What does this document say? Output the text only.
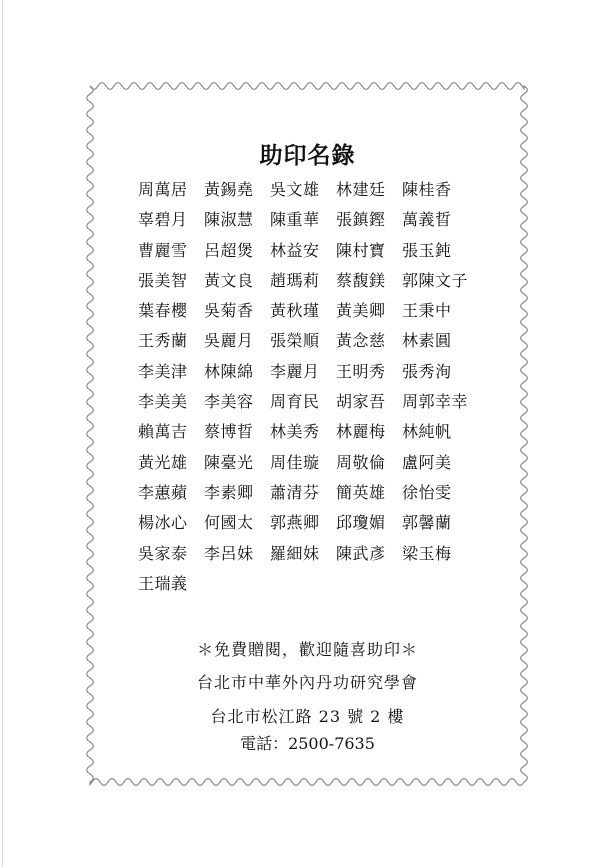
助印名錄
周萬居 黃錫堯 吳文雄 林建廷 陳桂香
辜碧月 陳淑慧 陳重華 張鎮鏗 萬義晢
曹麗雪 呂超煲 林益安 陳村寶 張玉鈍
張美智 黃文良 趙瑪莉 蔡馥鎂 郭陳文子
葉春櫻 吳菊香 黃秋瑾 黃美卿 王秉中
王秀蘭 吳麗月 張榮順 黃念慈 林素圓
李美津 林陳綿 李麗月 王明秀 張秀洵
李美美 李美容 周育民 胡家吾 周郭幸幸
賴萬吉 蔡博晢 林美秀 林麗梅 林純帆
黃光雄 陳臺光 周佳璇 周敬倫 盧阿美
李蕙蘋 李素卿 蕭清芬 簡英雄 徐怡雯
楊冰心 何國太 郭燕卿 邱瓊媚 郭馨蘭
吳家泰 李呂妹 羅細妹 陳武彥 梁玉梅
王瑞義
＊免費贈閱，歡迎隨喜助印＊
台北市中華外內丹功研究學會
台北市松江路 23 號 2 樓
電話：2500-7635
